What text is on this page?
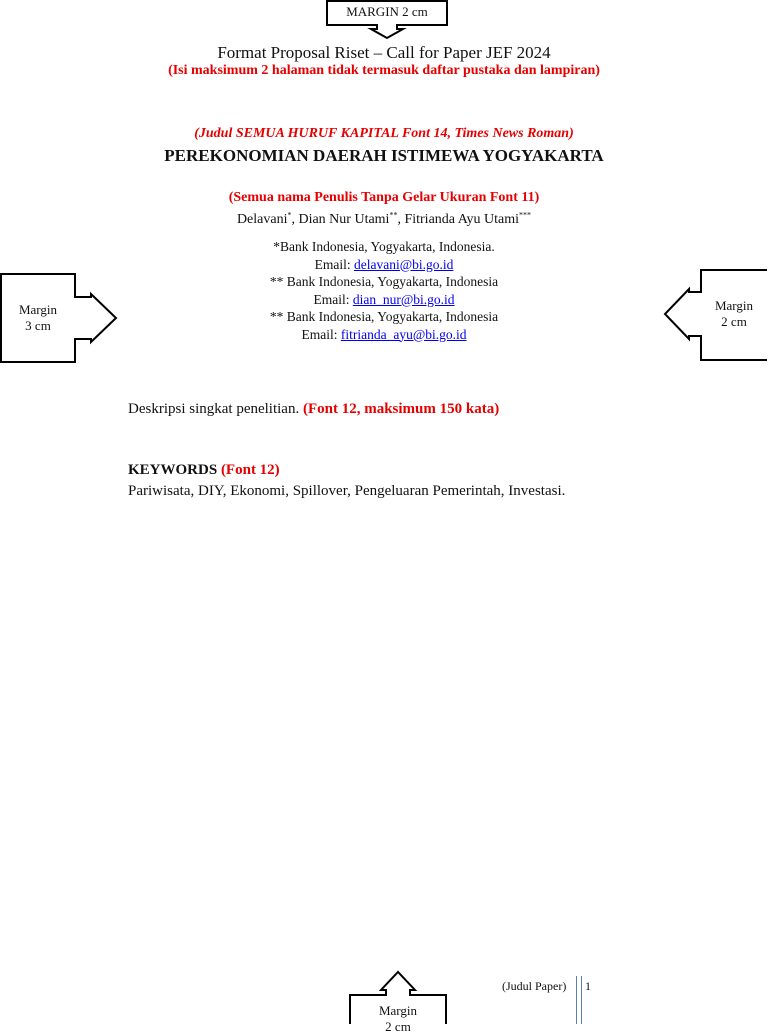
MARGIN 2 cm
Format Proposal Riset – Call for Paper JEF 2024
(Isi maksimum 2 halaman tidak termasuk daftar pustaka dan lampiran)
(Judul SEMUA HURUF KAPITAL Font 14, Times News Roman)
PEREKONOMIAN DAERAH ISTIMEWA YOGYAKARTA
(Semua nama Penulis Tanpa Gelar Ukuran Font 11)
Delavani*, Dian Nur Utami**, Fitrianda Ayu Utami***
*Bank Indonesia, Yogyakarta, Indonesia.
Email: delavani@bi.go.id
** Bank Indonesia, Yogyakarta, Indonesia
Email: dian_nur@bi.go.id
** Bank Indonesia, Yogyakarta, Indonesia
Email: fitrianda_ayu@bi.go.id
Margin
3 cm
Margin
2 cm
Deskripsi singkat penelitian. (Font 12, maksimum 150 kata)
KEYWORDS (Font 12)
Pariwisata, DIY, Ekonomi, Spillover, Pengeluaran Pemerintah, Investasi.
Margin
2 cm
(Judul Paper) 1
